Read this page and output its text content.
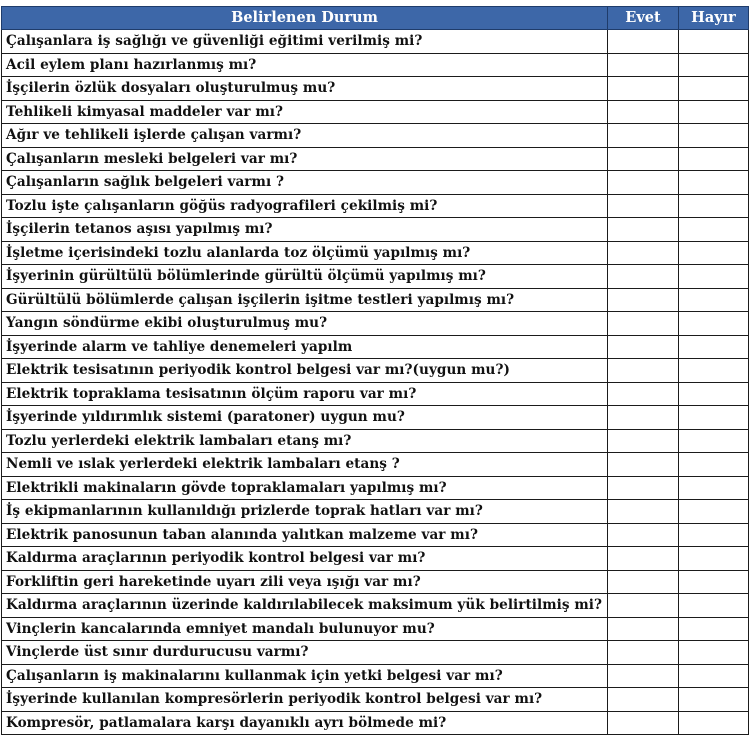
Belirlenen Durum	Evet	Hayır
Çalışanlara iş sağlığı ve güvenliği eğitimi verilmiş mi?		
Acil eylem planı hazırlanmış mı?		
İşçilerin özlük dosyaları oluşturulmuş mu?		
Tehlikeli kimyasal maddeler var mı?		
Ağır ve tehlikeli işlerde çalışan varmı?		
Çalışanların mesleki belgeleri var mı?		
Çalışanların sağlık belgeleri varmı ?		
Tozlu işte çalışanların göğüs radyografileri çekilmiş mi?		
İşçilerin tetanos aşısı yapılmış mı?		
İşletme içerisindeki tozlu alanlarda toz ölçümü yapılmış mı?		
İşyerinin gürültülü bölümlerinde gürültü ölçümü yapılmış mı?		
Gürültülü bölümlerde çalışan işçilerin işitme testleri yapılmış mı?		
Yangın söndürme ekibi oluşturulmuş mu?		
İşyerinde alarm ve tahliye denemeleri yapılm		
Elektrik tesisatının periyodik kontrol belgesi var mı?(uygun mu?)		
Elektrik topraklama tesisatının ölçüm raporu var mı?		
İşyerinde yıldırımlık sistemi (paratoner) uygun mu?		
Tozlu yerlerdeki elektrik lambaları etanş mı?		
Nemli ve ıslak yerlerdeki elektrik lambaları etanş ?		
Elektrikli makinaların gövde topraklamaları yapılmış mı?		
İş ekipmanlarının kullanıldığı prizlerde toprak hatları var mı?		
Elektrik panosunun taban alanında yalıtkan malzeme var mı?		
Kaldırma araçlarının periyodik kontrol belgesi var mı?		
Forkliftin geri hareketinde uyarı zili veya ışığı var mı?		
Kaldırma araçlarının üzerinde kaldırılabilecek maksimum yük belirtilmiş mi?		
Vinçlerin kancalarında emniyet mandalı bulunuyor mu?		
Vinçlerde üst sınır durdurucusu varmı?		
Çalışanların iş makinalarını kullanmak için yetki belgesi var mı?		
İşyerinde kullanılan kompresörlerin periyodik kontrol belgesi var mı?		
Kompresör, patlamalara karşı dayanıklı ayrı bölmede mi?		
